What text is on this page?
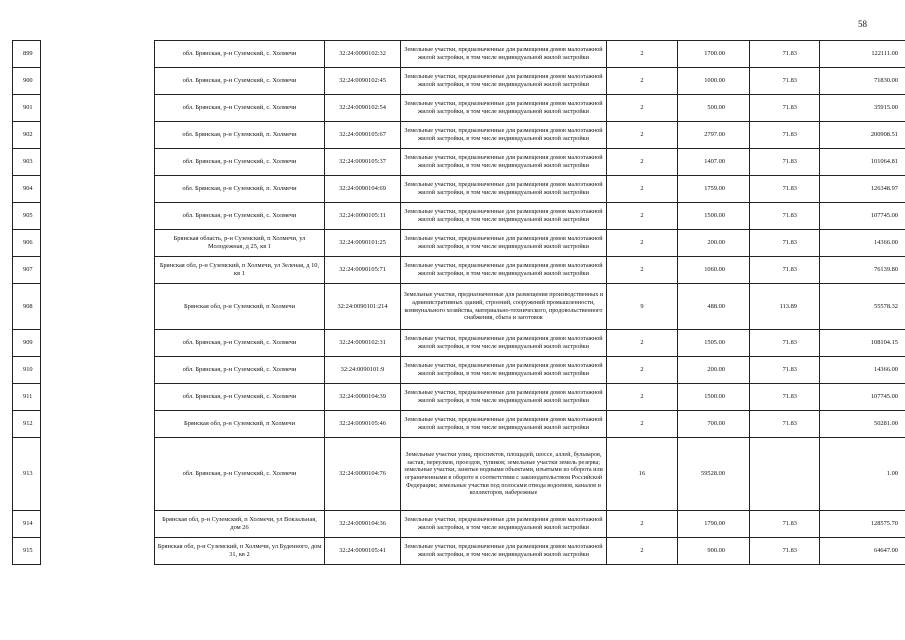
58
899		обл. Брянская, р-н Суземский, с. Холмечи	32:24:0090102:32	Земельные участки, предназначенные для размещения домов малоэтажной жилой застройки, в том числе индивидуальной жилой застройки	2	1700.00	71.83	122111.00
900		обл. Брянская, р-н Суземский, с. Холмечи	32:24:0090102:45	Земельные участки, предназначенные для размещения домов малоэтажной жилой застройки, в том числе индивидуальной жилой застройки	2	1000.00	71.83	71830.00
901		обл. Брянская, р-н Суземский, с. Холмечи	32:24:0090102:54	Земельные участки, предназначенные для размещения домов малоэтажной жилой застройки, в том числе индивидуальной жилой застройки	2	500.00	71.83	35915.00
902		обл. Брянская, р-н Суземский, п. Холмечи	32:24:0090105:67	Земельные участки, предназначенные для размещения домов малоэтажной жилой застройки, в том числе индивидуальной жилой застройки	2	2797.00	71.83	200908.51
903		обл. Брянская, р-н Суземский, с. Холмечи	32:24:0090105:37	Земельные участки, предназначенные для размещения домов малоэтажной жилой застройки, в том числе индивидуальной жилой застройки	2	1407.00	71.83	101064.81
904		обл. Брянская, р-н Суземский, п. Холмечи	32:24:0090104:69	Земельные участки, предназначенные для размещения домов малоэтажной жилой застройки, в том числе индивидуальной жилой застройки	2	1759.00	71.83	126348.97
905		обл. Брянская, р-н Суземский, с. Холмечи	32:24:0090105:11	Земельные участки, предназначенные для размещения домов малоэтажной жилой застройки, в том числе индивидуальной жилой застройки	2	1500.00	71.83	107745.00
906		Брянская область, р-н Суземский, п Холмечи, ул Молодежная, д 25, кв 1	32:24:0090101:25	Земельные участки, предназначенные для размещения домов малоэтажной жилой застройки, в том числе индивидуальной жилой застройки	2	200.00	71.83	14366.00
907		Брянская обл, р-н Суземский, п Холмечи, ул Зеленая, д 10, кв 1	32:24:0090105:71	Земельные участки, предназначенные для размещения домов малоэтажной жилой застройки, в том числе индивидуальной жилой застройки	2	1060.00	71.83	76139.80
908		Брянская обл, р-н Суземский, п Холмечи	32:24:0090101:214	Земельные участки, предназначенные для размещения производственных и административных зданий, строений, сооружений промышленности, коммунального хозяйства, материально-технического, продовольственного снабжения, сбыта и заготовок	9	488.00	113.89	55578.32
909		обл. Брянская, р-н Суземский, с. Холмечи	32:24:0090102:31	Земельные участки, предназначенные для размещения домов малоэтажной жилой застройки, в том числе индивидуальной жилой застройки	2	1505.00	71.83	108104.15
910		обл. Брянская, р-н Суземский, с. Холмечи	32:24:0090101:9	Земельные участки, предназначенные для размещения домов малоэтажной жилой застройки, в том числе индивидуальной жилой застройки	2	200.00	71.83	14366.00
911		обл. Брянская, р-н Суземский, с. Холмечи	32:24:0090104:39	Земельные участки, предназначенные для размещения домов малоэтажной жилой застройки, в том числе индивидуальной жилой застройки	2	1500.00	71.83	107745.00
912		Брянская обл, р-н Суземский, п Холмечи	32:24:0090105:46	Земельные участки, предназначенные для размещения домов малоэтажной жилой застройки, в том числе индивидуальной жилой застройки	2	700.00	71.83	50281.00
913		обл. Брянская, р-н Суземский, с. Холмечи	32:24:0090104:76	Земельные участки улиц, проспектов, площадей, шоссе, аллей, бульваров, застав, переулков, проездов, тупиков; земельные участки земель резерва; земельные участки, занятые водными объектами, изъятыми из оборота или ограниченными в обороте в соответствии с законодательством Российской Федерации; земельные участки под полосами отвода водоемов, каналов и коллекторов, набережные	16	59528.00		1.00
914		Брянская обл, р-н Суземский, п Холмечи, ул Вокзальная, дом 26	32:24:0090104:36	Земельные участки, предназначенные для размещения домов малоэтажной жилой застройки, в том числе индивидуальной жилой застройки	2	1790.00	71.83	128575.70
915		Брянская обл, р-н Суземский, п Холмечи, ул Буденного, дом 31, кв 2	32:24:0090105:41	Земельные участки, предназначенные для размещения домов малоэтажной жилой застройки, в том числе индивидуальной жилой застройки	2	900.00	71.83	64647.00
